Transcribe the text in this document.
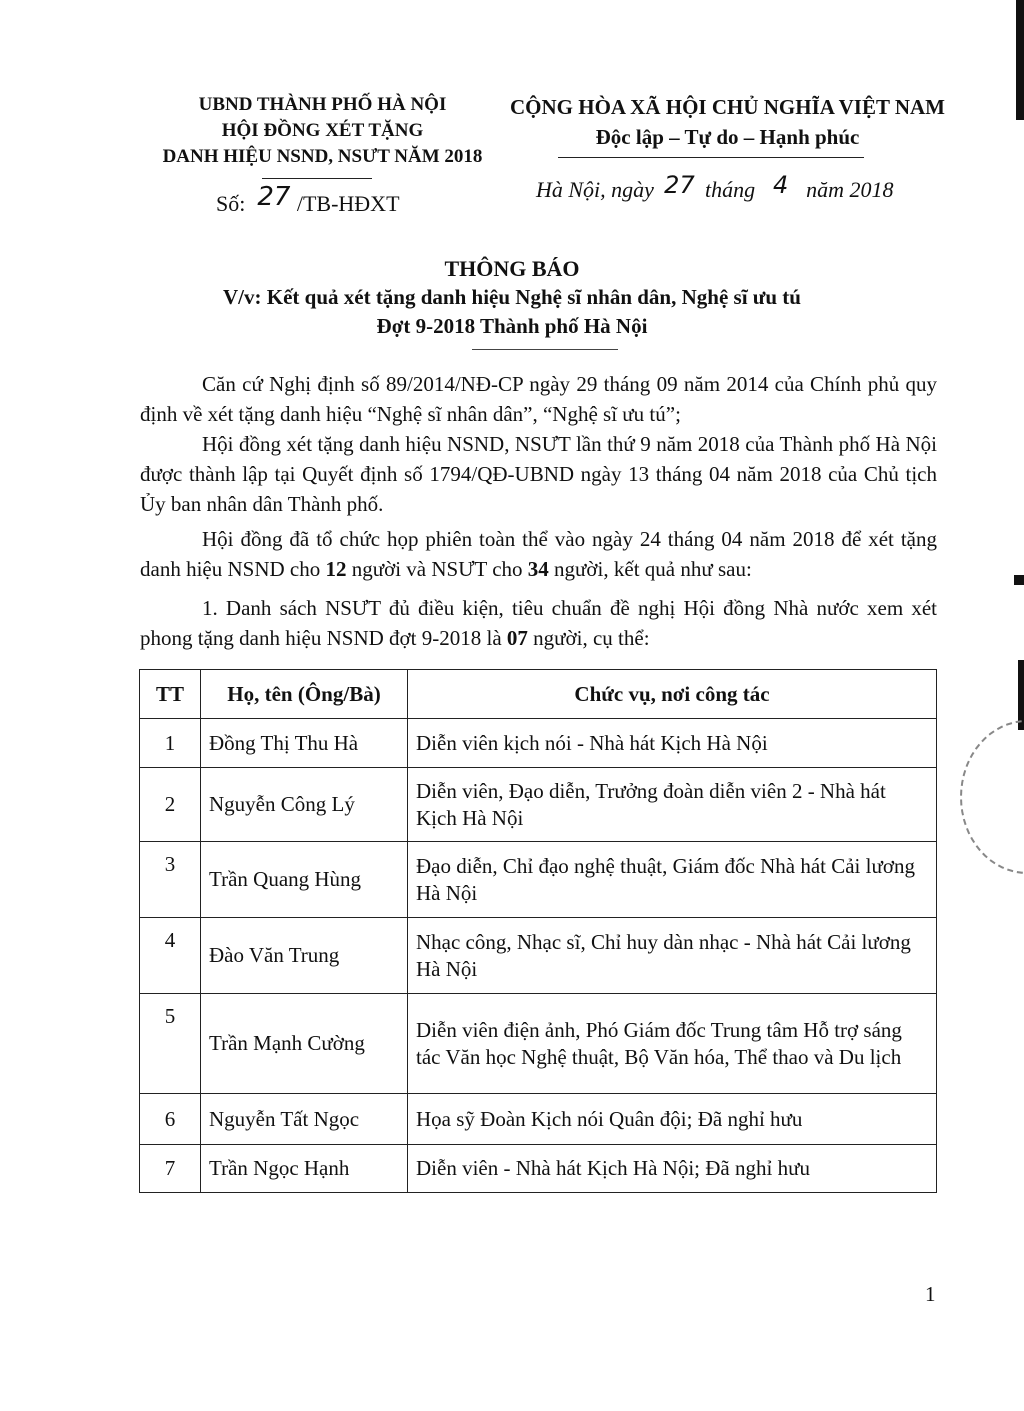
UBND THÀNH PHỐ HÀ NỘI
HỘI ĐỒNG XÉT TẶNG
DANH HIỆU NSND, NSƯT NĂM 2018
CỘNG HÒA XÃ HỘI CHỦ NGHĨA VIỆT NAM
Độc lập – Tự do – Hạnh phúc
Số: 27 /TB-HĐXT
Hà Nội, ngày 27 tháng 4 năm 2018
THÔNG BÁO
V/v: Kết quả xét tặng danh hiệu Nghệ sĩ nhân dân, Nghệ sĩ ưu tú
Đợt 9-2018 Thành phố Hà Nội
Căn cứ Nghị định số 89/2014/NĐ-CP ngày 29 tháng 09 năm 2014 của Chính phủ quy định về xét tặng danh hiệu “Nghệ sĩ nhân dân”, “Nghệ sĩ ưu tú”;
Hội đồng xét tặng danh hiệu NSND, NSƯT lần thứ 9 năm 2018 của Thành phố Hà Nội được thành lập tại Quyết định số 1794/QĐ-UBND ngày 13 tháng 04 năm 2018 của Chủ tịch Ủy ban nhân dân Thành phố.
Hội đồng đã tổ chức họp phiên toàn thể vào ngày 24 tháng 04 năm 2018 để xét tặng danh hiệu NSND cho 12 người và NSƯT cho 34 người, kết quả như sau:
1. Danh sách NSƯT đủ điều kiện, tiêu chuẩn đề nghị Hội đồng Nhà nước xem xét phong tặng danh hiệu NSND đợt 9-2018 là 07 người, cụ thể:
TT	Họ, tên (Ông/Bà)	Chức vụ, nơi công tác
1	Đồng Thị Thu Hà	Diễn viên kịch nói - Nhà hát Kịch Hà Nội
2	Nguyễn Công Lý	Diễn viên, Đạo diễn, Trưởng đoàn diễn viên 2 - Nhà hát Kịch Hà Nội
3	Trần Quang Hùng	Đạo diễn, Chỉ đạo nghệ thuật, Giám đốc Nhà hát Cải lương Hà Nội
4	Đào Văn Trung	Nhạc công, Nhạc sĩ, Chỉ huy dàn nhạc - Nhà hát Cải lương Hà Nội
5	Trần Mạnh Cường	Diễn viên điện ảnh, Phó Giám đốc Trung tâm Hỗ trợ sáng tác Văn học Nghệ thuật, Bộ Văn hóa, Thể thao và Du lịch
6	Nguyễn Tất Ngọc	Họa sỹ Đoàn Kịch nói Quân đội; Đã nghỉ hưu
7	Trần Ngọc Hạnh	Diễn viên - Nhà hát Kịch Hà Nội; Đã nghỉ hưu
1
